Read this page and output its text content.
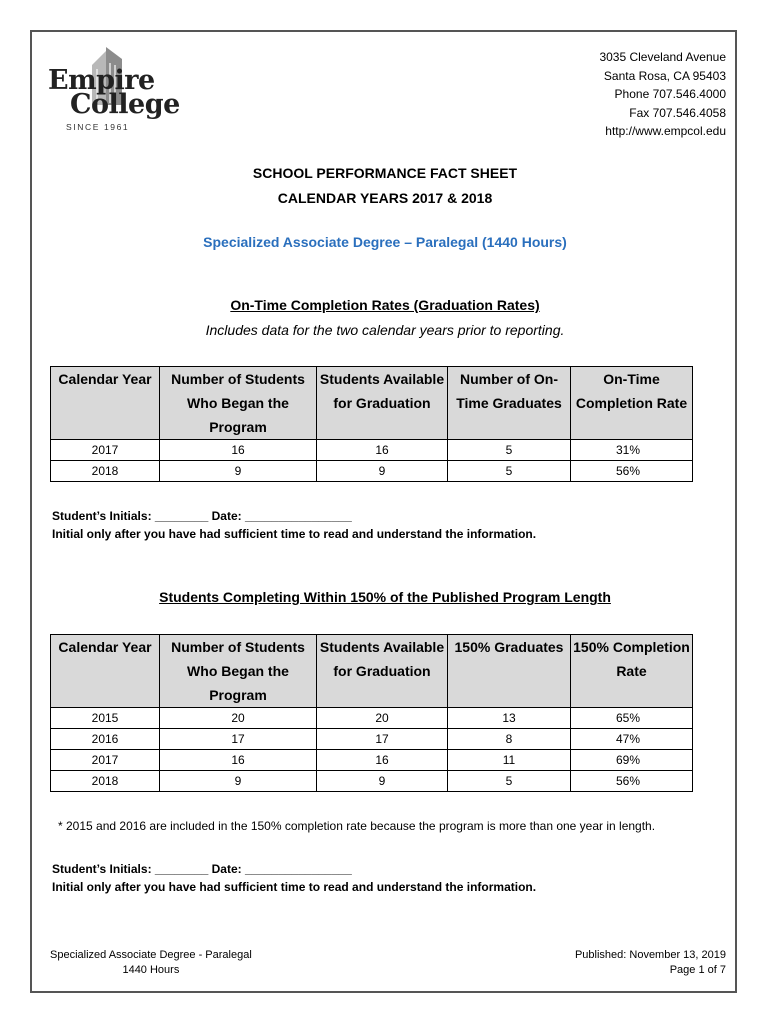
Empire
College
SINCE 1961
3035 Cleveland Avenue
Santa Rosa, CA 95403
Phone 707.546.4000
Fax 707.546.4058
http://www.empcol.edu
SCHOOL PERFORMANCE FACT SHEET
CALENDAR YEARS 2017 & 2018
Specialized Associate Degree – Paralegal (1440 Hours)
On-Time Completion Rates (Graduation Rates)
Includes data for the two calendar years prior to reporting.
Calendar Year	Number of Students Who Began the Program	Students Available for Graduation	Number of On-Time Graduates	On-Time Completion Rate
2017	16	16	5	31%
2018	9	9	5	56%
Student’s Initials: ________ Date: ________________
Initial only after you have had sufficient time to read and understand the information.
Students Completing Within 150% of the Published Program Length
Calendar Year	Number of Students Who Began the Program	Students Available for Graduation	150% Graduates	150% Completion Rate
2015	20	20	13	65%
2016	17	17	8	47%
2017	16	16	11	69%
2018	9	9	5	56%
* 2015 and 2016 are included in the 150% completion rate because the program is more than one year in length.
Student’s Initials: ________ Date: ________________
Initial only after you have had sufficient time to read and understand the information.
Specialized Associate Degree - Paralegal
1440 Hours
Published: November 13, 2019
Page 1 of 7
